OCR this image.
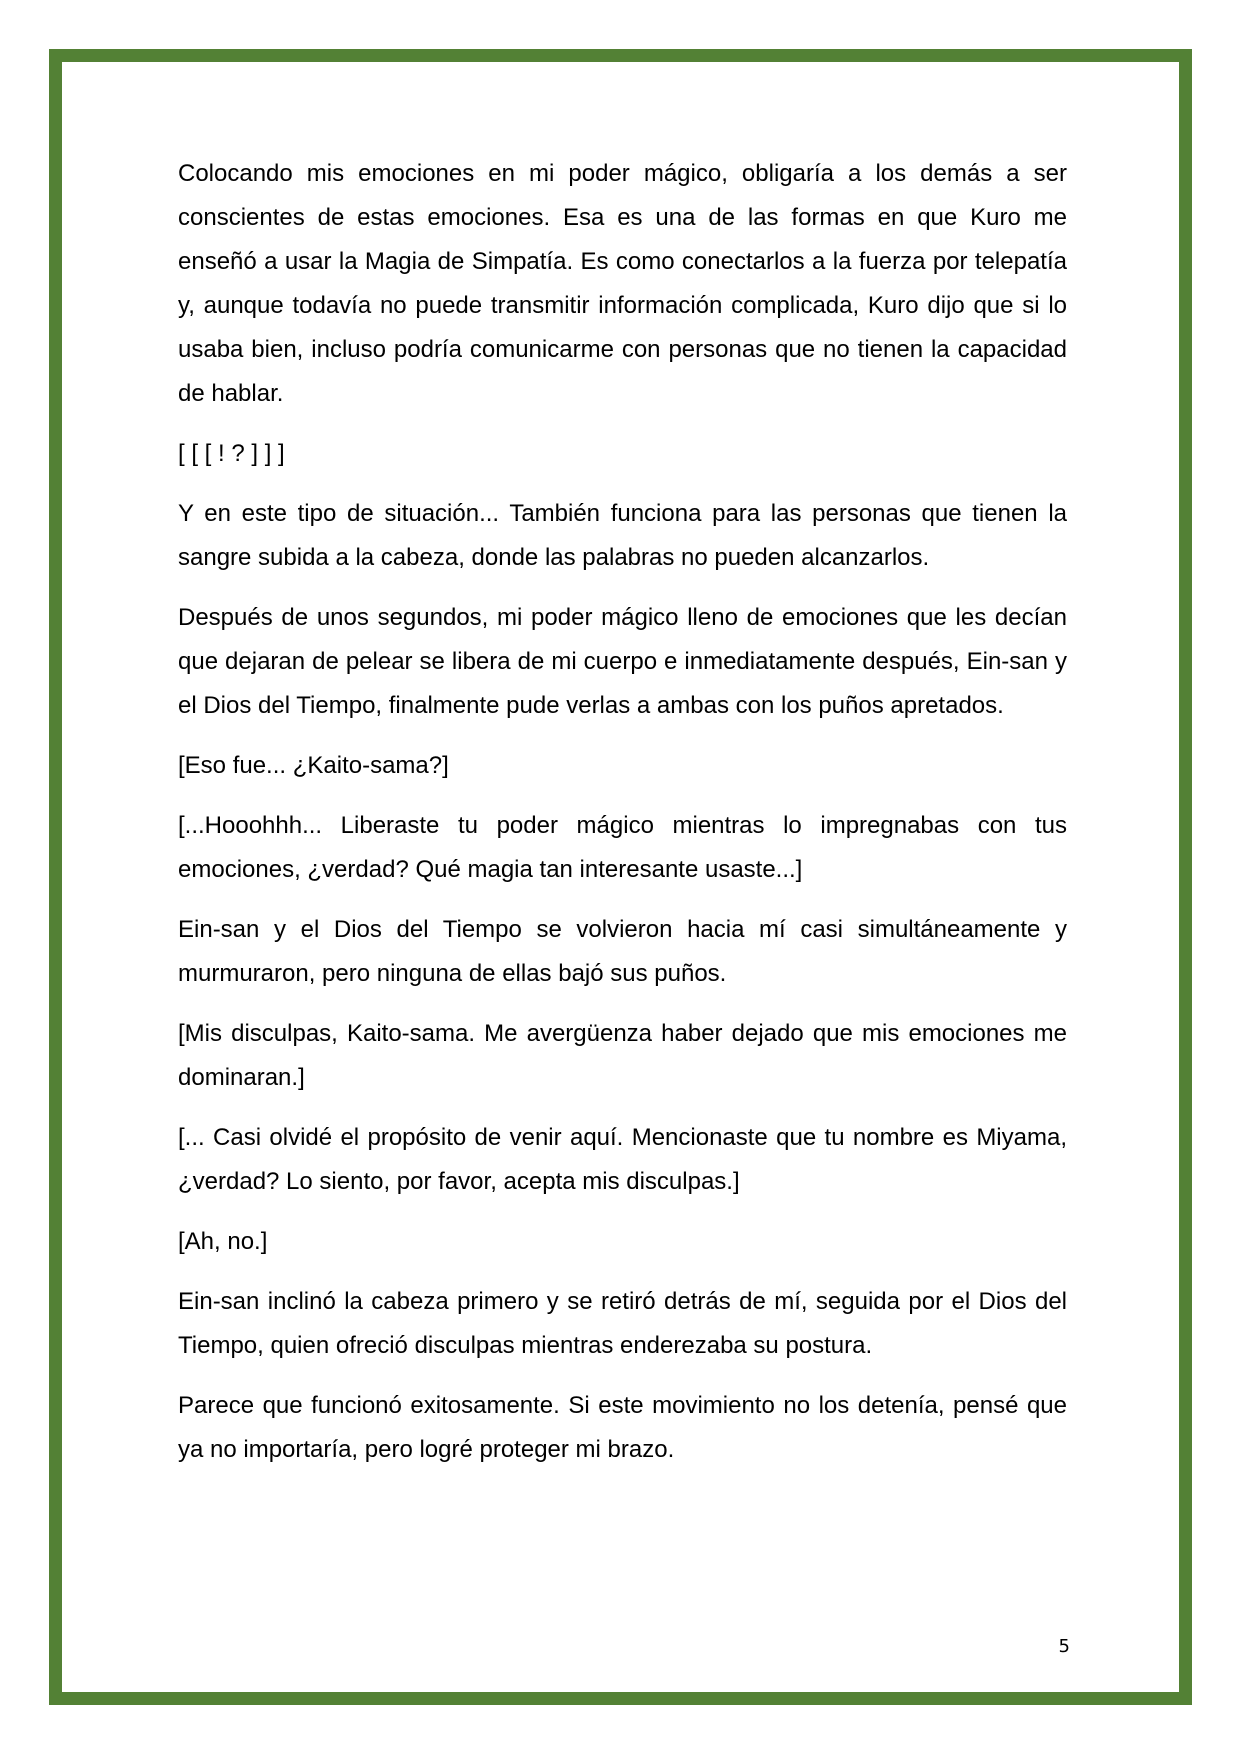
Colocando mis emociones en mi poder mágico, obligaría a los demás a ser conscientes de estas emociones. Esa es una de las formas en que Kuro me enseñó a usar la Magia de Simpatía. Es como conectarlos a la fuerza por telepatía y, aunque todavía no puede transmitir información complicada, Kuro dijo que si lo usaba bien, incluso podría comunicarme con personas que no tienen la capacidad de hablar.

[ [ [ ! ? ] ] ]

Y en este tipo de situación... También funciona para las personas que tienen la sangre subida a la cabeza, donde las palabras no pueden alcanzarlos.

Después de unos segundos, mi poder mágico lleno de emociones que les decían que dejaran de pelear se libera de mi cuerpo e inmediatamente después, Ein-san y el Dios del Tiempo, finalmente pude verlas a ambas con los puños apretados.

[Eso fue... ¿Kaito-sama?]

[...Hooohhh... Liberaste tu poder mágico mientras lo impregnabas con tus emociones, ¿verdad? Qué magia tan interesante usaste...]

Ein-san y el Dios del Tiempo se volvieron hacia mí casi simultáneamente y murmuraron, pero ninguna de ellas bajó sus puños.

[Mis disculpas, Kaito-sama. Me avergüenza haber dejado que mis emociones me dominaran.]

[... Casi olvidé el propósito de venir aquí. Mencionaste que tu nombre es Miyama, ¿verdad? Lo siento, por favor, acepta mis disculpas.]

[Ah, no.]

Ein-san inclinó la cabeza primero y se retiró detrás de mí, seguida por el Dios del Tiempo, quien ofreció disculpas mientras enderezaba su postura.

Parece que funcionó exitosamente. Si este movimiento no los detenía, pensé que ya no importaría, pero logré proteger mi brazo.

5
